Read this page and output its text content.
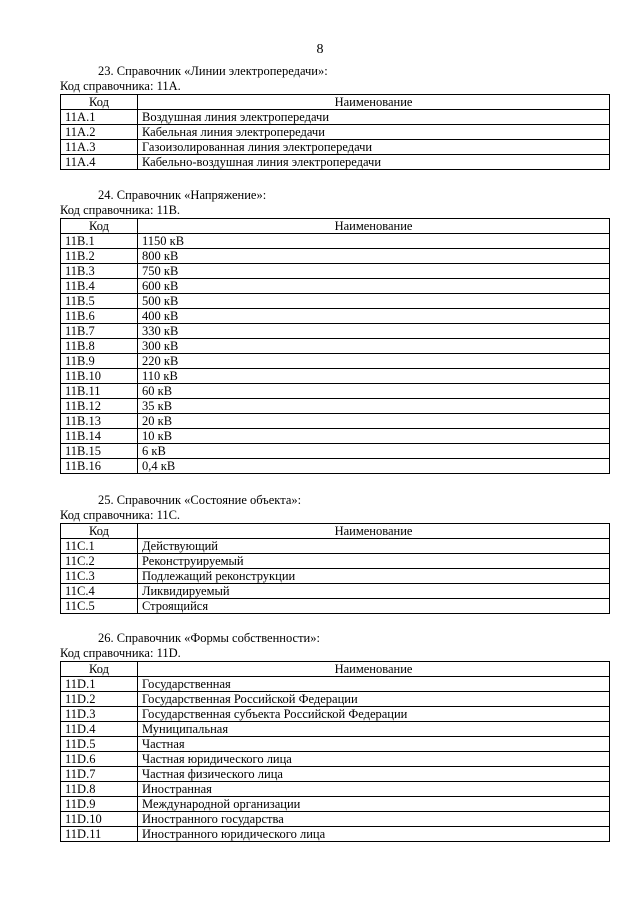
8
23. Справочник «Линии электропередачи»:
Код справочника: 11А.
Код	Наименование
11А.1	Воздушная линия электропередачи
11А.2	Кабельная линия электропередачи
11А.3	Газоизолированная линия электропередачи
11А.4	Кабельно-воздушная линия электропередачи
24. Справочник «Напряжение»:
Код справочника: 11В.
Код	Наименование
11В.1	1150 кВ
11В.2	800 кВ
11В.3	750 кВ
11В.4	600 кВ
11В.5	500 кВ
11В.6	400 кВ
11В.7	330 кВ
11В.8	300 кВ
11В.9	220 кВ
11В.10	110 кВ
11В.11	60 кВ
11В.12	35 кВ
11В.13	20 кВ
11В.14	10 кВ
11В.15	6 кВ
11В.16	0,4 кВ
25. Справочник «Состояние объекта»:
Код справочника: 11С.
Код	Наименование
11С.1	Действующий
11С.2	Реконструируемый
11С.3	Подлежащий реконструкции
11С.4	Ликвидируемый
11С.5	Строящийся
26. Справочник «Формы собственности»:
Код справочника: 11D.
Код	Наименование
11D.1	Государственная
11D.2	Государственная Российской Федерации
11D.3	Государственная субъекта Российской Федерации
11D.4	Муниципальная
11D.5	Частная
11D.6	Частная юридического лица
11D.7	Частная физического лица
11D.8	Иностранная
11D.9	Международной организации
11D.10	Иностранного государства
11D.11	Иностранного юридического лица
